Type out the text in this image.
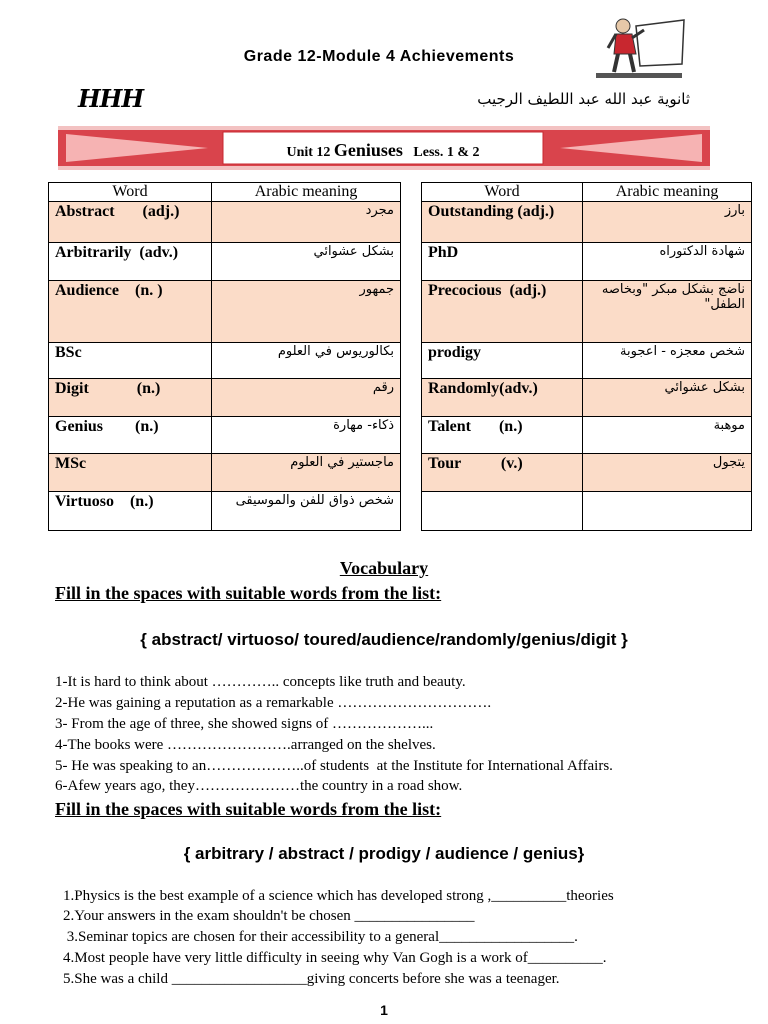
Grade 12-Module 4 Achievements
HHH	ثانوية عبد الله عبد اللطيف الرجيب
Unit 12 Geniuses Less. 1 & 2
Word	Arabic meaning
Abstract       (adj.)	مجرد
Arbitrarily  (adv.)	بشكل عشوائي
Audience    (n. )	جمهور
BSc	بكالوريوس في العلوم
Digit            (n.)	رقم
Genius        (n.)	ذكاء- مهارة
MSc	ماجستير في العلوم
Virtuoso    (n.)	شخص ذواق للفن والموسيقى
Word	Arabic meaning
Outstanding (adj.)	بارز
PhD	شهادة الدكتوراه
Precocious  (adj.)	ناضج بشكل مبكر "وبخاصه الطفل"
prodigy	شخص معجزه - اعجوبة
Randomly(adv.)	بشكل عشوائي
Talent       (n.)	موهبة
Tour          (v.)	يتجول

Vocabulary
Fill in the spaces with suitable words from the list:
{ abstract/ virtuoso/ toured/audience/randomly/genius/digit }
1-It is hard to think about ………….. concepts like truth and beauty.
2-He was gaining a reputation as a remarkable ………………………….
3- From the age of three, she showed signs of ………………...
4-The books were …………………….arranged on the shelves.
5- He was speaking to an………………..of students  at the Institute for International Affairs.
6-Afew years ago, they…………………the country in a road show.
Fill in the spaces with suitable words from the list:
{ arbitrary / abstract / prodigy / audience / genius}
1.Physics is the best example of a science which has developed strong ,__________theories
2.Your answers in the exam shouldn't be chosen ________________
3.Seminar topics are chosen for their accessibility to a general__________________.
4.Most people have very little difficulty in seeing why Van Gogh is a work of__________.
5.She was a child __________________giving concerts before she was a teenager.
1
